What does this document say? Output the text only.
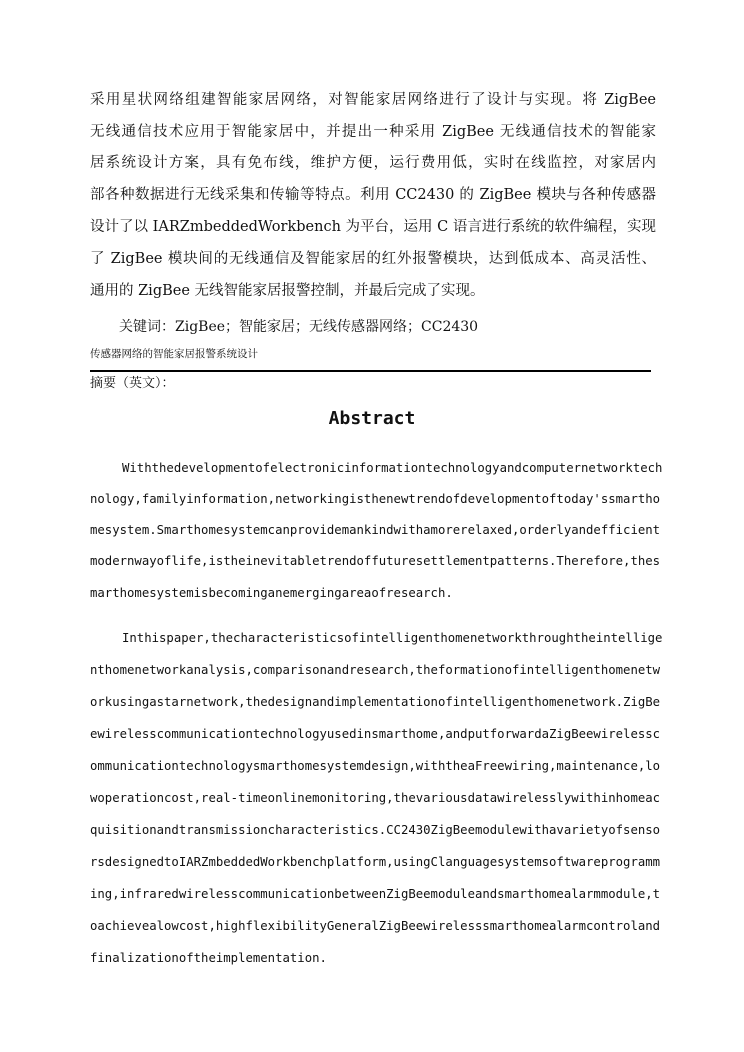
采用星状网络组建智能家居网络，对智能家居网络进行了设计与实现。将 ZigBee
无线通信技术应用于智能家居中，并提出一种采用 ZigBee 无线通信技术的智能家
居系统设计方案，具有免布线，维护方便，运行费用低，实时在线监控，对家居内
部各种数据进行无线采集和传输等特点。利用 CC2430 的 ZigBee 模块与各种传感器
设计了以 IARZmbeddedWorkbench 为平台，运用 C 语言进行系统的软件编程，实现
了 ZigBee 模块间的无线通信及智能家居的红外报警模块，达到低成本、高灵活性、
通用的 ZigBee 无线智能家居报警控制，并最后完成了实现。
关键词：ZigBee；智能家居；无线传感器网络；CC2430
传感器网络的智能家居报警系统设计
摘要（英文）：
Abstract
Withthedevelopmentofelectronicinformationtechnologyandcomputernetworktech
nology,familyinformation,networkingisthenewtrendofdevelopmentoftoday'ssmartho
mesystem.Smarthomesystemcanprovidemankindwithamorerelaxed,orderlyandefficient
modernwayoflife,istheinevitabletrendoffuturesettlementpatterns.Therefore,thes
marthomesystemisbecominganemergingareaofresearch.
Inthispaper,thecharacteristicsofintelligenthomenetworkthroughtheintellige
nthomenetworkanalysis,comparisonandresearch,theformationofintelligenthomenetw
orkusingastarnetwork,thedesignandimplementationofintelligenthomenetwork.ZigBe
ewirelesscommunicationtechnologyusedinsmarthome,andputforwardaZigBeewirelessc
ommunicationtechnologysmarthomesystemdesign,withtheaFreewiring,maintenance,lo
woperationcost,real-timeonlinemonitoring,thevariousdatawirelesslywithinhomeac
quisitionandtransmissioncharacteristics.CC2430ZigBeemodulewithavarietyofsenso
rsdesignedtoIARZmbeddedWorkbenchplatform,usingClanguagesystemsoftwareprogramm
ing,infraredwirelesscommunicationbetweenZigBeemoduleandsmarthomealarmmodule,t
oachievealowcost,highflexibilityGeneralZigBeewirelesssmarthomealarmcontroland
finalizationoftheimplementation.
